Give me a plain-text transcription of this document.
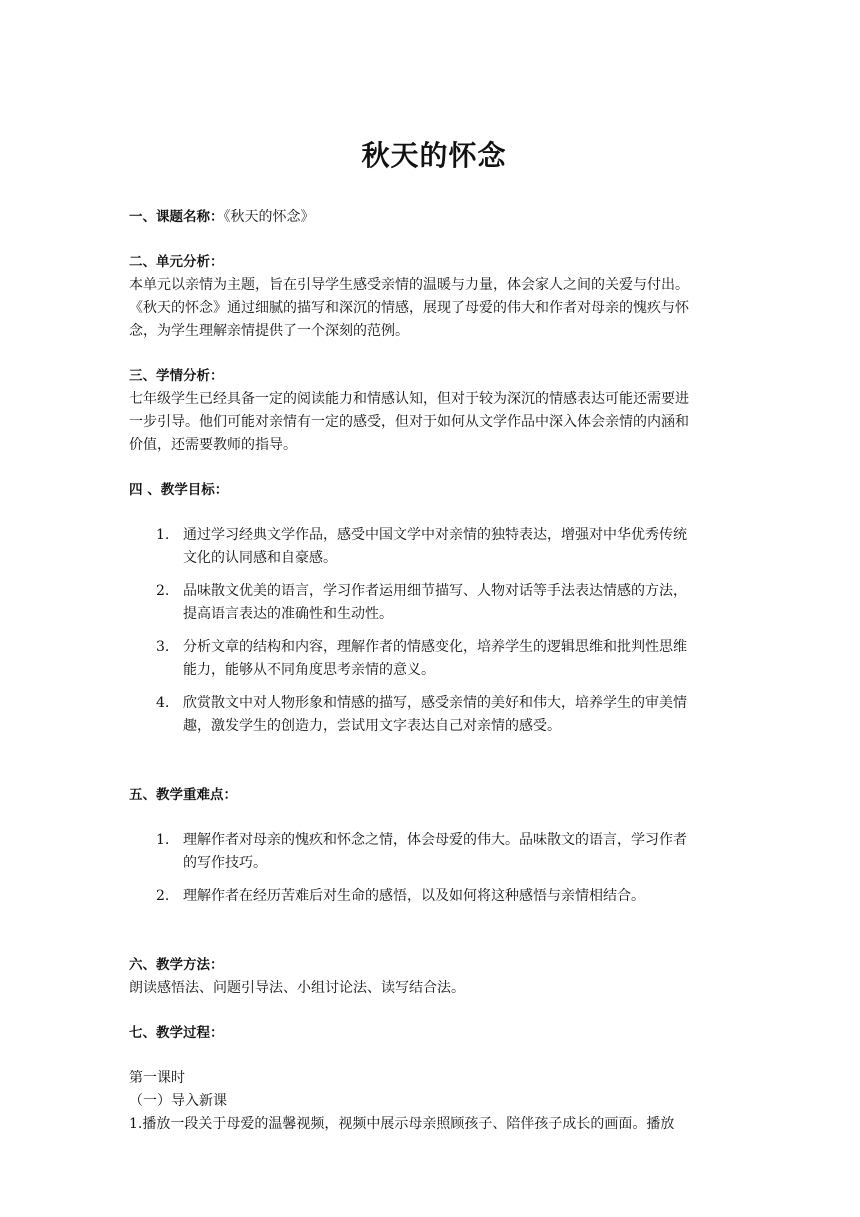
秋天的怀念

一、课题名称：《秋天的怀念》

二、单元分析：

本单元以亲情为主题，旨在引导学生感受亲情的温暖与力量，体会家人之间的关爱与付出。

《秋天的怀念》通过细腻的描写和深沉的情感，展现了母爱的伟大和作者对母亲的愧疚与怀

念，为学生理解亲情提供了一个深刻的范例。

三、学情分析：

七年级学生已经具备一定的阅读能力和情感认知，但对于较为深沉的情感表达可能还需要进

一步引导。他们可能对亲情有一定的感受，但对于如何从文学作品中深入体会亲情的内涵和

价值，还需要教师的指导。

四 、教学目标：

1. 通过学习经典文学作品，感受中国文学中对亲情的独特表达，增强对中华优秀传统
文化的认同感和自豪感。
2. 品味散文优美的语言，学习作者运用细节描写、人物对话等手法表达情感的方法，
提高语言表达的准确性和生动性。
3. 分析文章的结构和内容，理解作者的情感变化，培养学生的逻辑思维和批判性思维
能力，能够从不同角度思考亲情的意义。
4. 欣赏散文中对人物形象和情感的描写，感受亲情的美好和伟大，培养学生的审美情
趣，激发学生的创造力，尝试用文字表达自己对亲情的感受。

五、教学重难点：

1. 理解作者对母亲的愧疚和怀念之情，体会母爱的伟大。品味散文的语言，学习作者
的写作技巧。
2. 理解作者在经历苦难后对生命的感悟，以及如何将这种感悟与亲情相结合。

六、教学方法：

朗读感悟法、问题引导法、小组讨论法、读写结合法。

七、教学过程：

第一课时

（一）导入新课

1.播放一段关于母爱的温馨视频，视频中展示母亲照顾孩子、陪伴孩子成长的画面。播放
